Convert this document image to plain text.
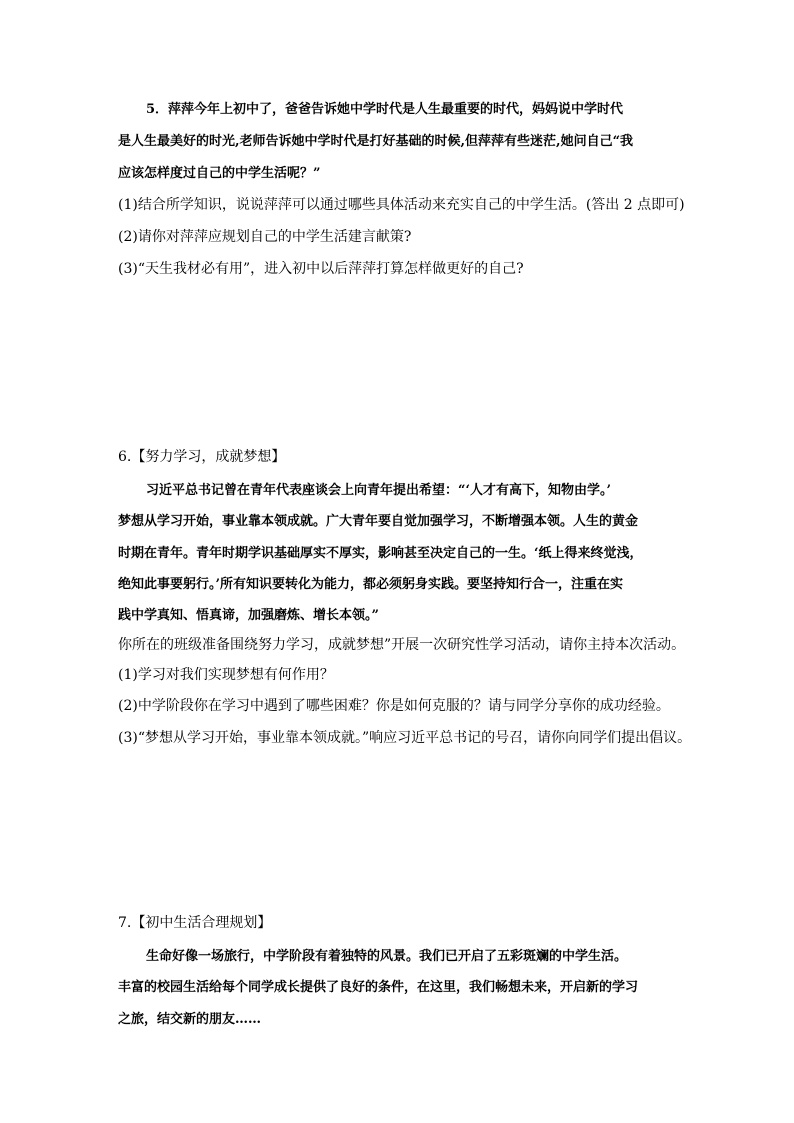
5．萍萍今年上初中了，爸爸告诉她中学时代是人生最重要的时代，妈妈说中学时代
是人生最美好的时光,老师告诉她中学时代是打好基础的时候,但萍萍有些迷茫,她问自己“我
应该怎样度过自己的中学生活呢？”
(1)结合所学知识，说说萍萍可以通过哪些具体活动来充实自己的中学生活。(答出 2 点即可)
(2)请你对萍萍应规划自己的中学生活建言献策?
(3)“天生我材必有用”，进入初中以后萍萍打算怎样做更好的自己?
6.【努力学习，成就梦想】
习近平总书记曾在青年代表座谈会上向青年提出希望：“‘人才有高下，知物由学。’
梦想从学习开始，事业靠本领成就。广大青年要自觉加强学习，不断增强本领。人生的黄金
时期在青年。青年时期学识基础厚实不厚实，影响甚至决定自己的一生。‘纸上得来终觉浅，
绝知此事要躬行。’所有知识要转化为能力，都必须躬身实践。要坚持知行合一，注重在实
践中学真知、悟真谛，加强磨炼、增长本领。”
你所在的班级准备围绕努力学习，成就梦想”开展一次研究性学习活动，请你主持本次活动。
(1)学习对我们实现梦想有何作用？
(2)中学阶段你在学习中遇到了哪些困难？你是如何克服的？请与同学分享你的成功经验。
(3)“梦想从学习开始，事业靠本领成就。”响应习近平总书记的号召，请你向同学们提出倡议。
7.【初中生活合理规划】
生命好像一场旅行，中学阶段有着独特的风景。我们已开启了五彩斑斓的中学生活。
丰富的校园生活给每个同学成长提供了良好的条件，在这里，我们畅想未来，开启新的学习
之旅，结交新的朋友……
